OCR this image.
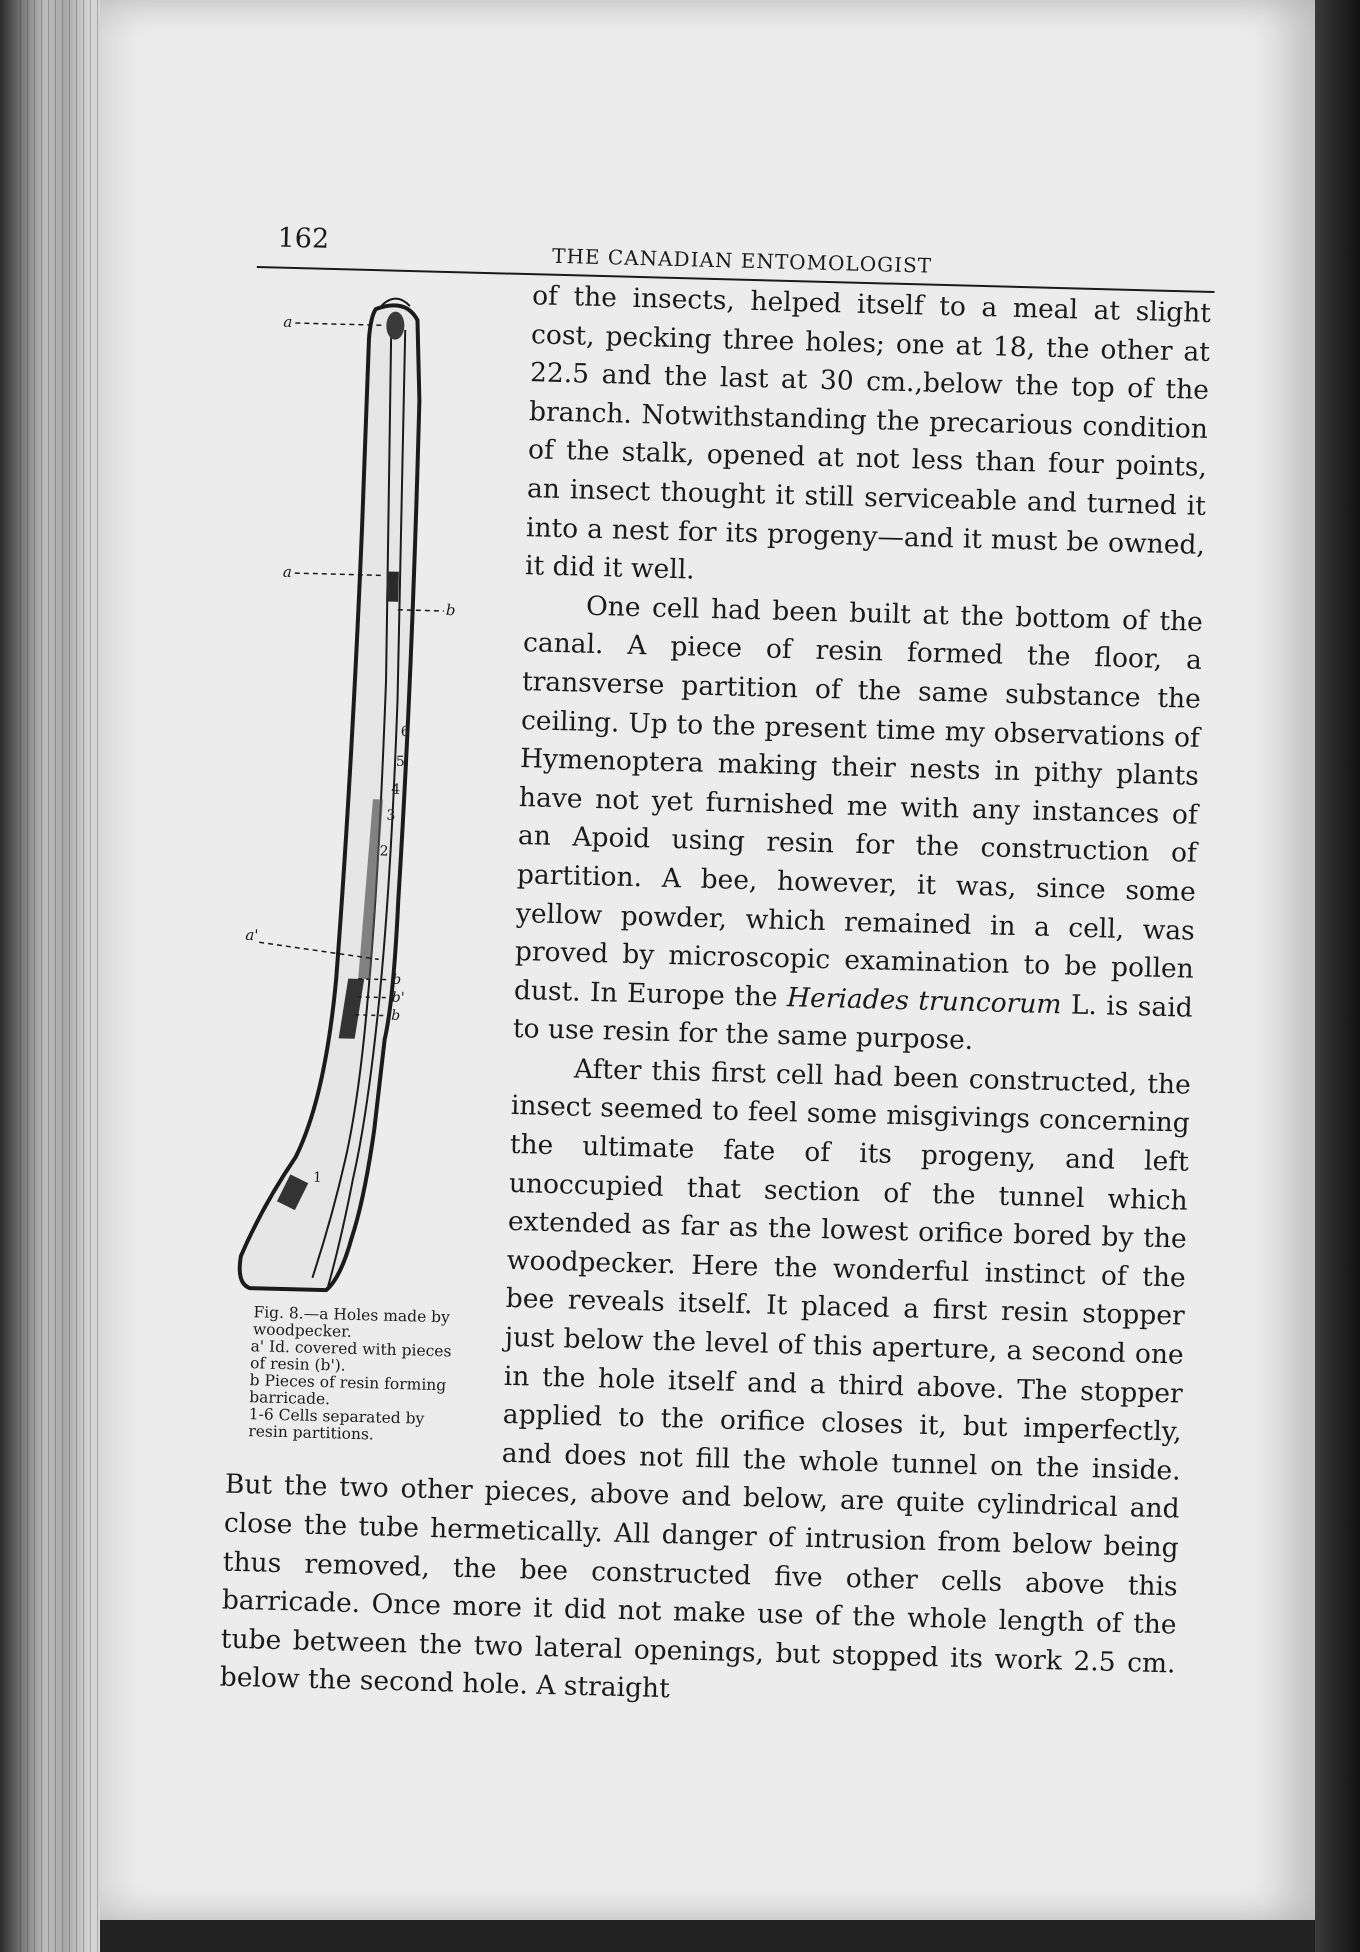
162
THE CANADIAN ENTOMOLOGIST

a
a
b
6
5
4
3
2
a'
b
b'
b
1
Fig. 8.—a Holes made by woodpecker.
a' Id. covered with pieces of resin (b').
b Pieces of resin forming barricade.
1-6 Cells separated by resin partitions.
of the insects, helped itself to a meal at slight cost, pecking three holes; one at 18, the other at 22.5 and the last at 30 cm.,below the top of the branch. Notwithstanding the precarious condition of the stalk, opened at not less than four points, an insect thought it still serviceable and turned it into a nest for its progeny—and it must be owned, it did it well.

One cell had been built at the bottom of the canal. A piece of resin formed the floor, a transverse partition of the same substance the ceiling. Up to the present time my observations of Hymenoptera making their nests in pithy plants have not yet furnished me with any instances of an Apoid using resin for the construction of partition. A bee, however, it was, since some yellow powder, which remained in a cell, was proved by microscopic examination to be pollen dust. In Europe the Heriades truncorum L. is said to use resin for the same purpose.

After this first cell had been constructed, the insect seemed to feel some misgivings concerning the ultimate fate of its progeny, and left unoccupied that section of the tunnel which extended as far as the lowest orifice bored by the woodpecker. Here the wonderful instinct of the bee reveals itself. It placed a first resin stopper just below the level of this aperture, a second one in the hole itself and a third above. The stopper applied to the orifice closes it, but imperfectly, and does not fill the whole tunnel on the inside. But the two other pieces, above and below, are quite cylindrical and close the tube hermetically. All danger of intrusion from below being thus removed, the bee constructed five other cells above this barricade. Once more it did not make use of the whole length of the tube between the two lateral openings, but stopped its work 2.5 cm. below the second hole. A straight
